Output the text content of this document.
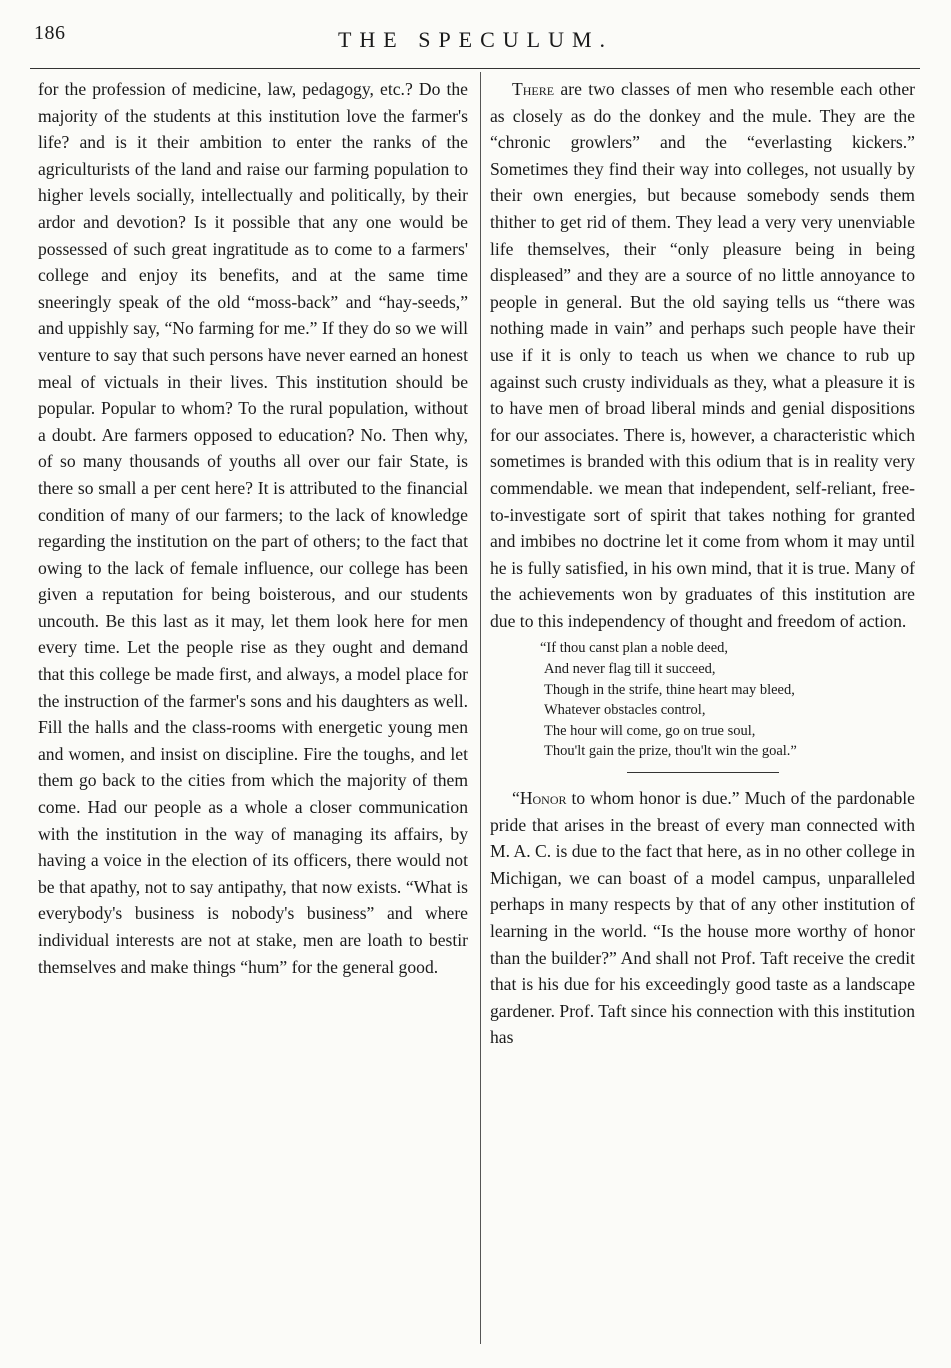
186	THE SPECULUM.

for the profession of medicine, law, pedagogy, etc.? Do the majority of the students at this institution love the farmer's life? and is it their ambition to enter the ranks of the agriculturists of the land and raise our farming population to higher levels socially, intellectually and politically, by their ardor and devotion? Is it possible that any one would be possessed of such great ingratitude as to come to a farmers' college and enjoy its benefits, and at the same time sneeringly speak of the old “moss-back” and “hay-seeds,” and uppishly say, “No farming for me.” If they do so we will venture to say that such persons have never earned an honest meal of victuals in their lives. This institution should be popular. Popular to whom? To the rural population, without a doubt. Are farmers opposed to education? No. Then why, of so many thousands of youths all over our fair State, is there so small a per cent here? It is attributed to the financial condition of many of our farmers; to the lack of knowledge regarding the institution on the part of others; to the fact that owing to the lack of female influence, our college has been given a reputation for being boisterous, and our students uncouth. Be this last as it may, let them look here for men every time. Let the people rise as they ought and demand that this college be made first, and always, a model place for the instruction of the farmer's sons and his daughters as well. Fill the halls and the class-rooms with energetic young men and women, and insist on discipline. Fire the toughs, and let them go back to the cities from which the majority of them come. Had our people as a whole a closer communication with the institution in the way of managing its affairs, by having a voice in the election of its officers, there would not be that apathy, not to say antipathy, that now exists. “What is everybody's business is nobody's business” and where individual interests are not at stake, men are loath to bestir themselves and make things “hum” for the general good.

There are two classes of men who resemble each other as closely as do the donkey and the mule. They are the “chronic growlers” and the “everlasting kickers.” Sometimes they find their way into colleges, not usually by their own energies, but because somebody sends them thither to get rid of them. They lead a very very unenviable life themselves, their “only pleasure being in being displeased” and they are a source of no little annoyance to people in general. But the old saying tells us “there was nothing made in vain” and perhaps such people have their use if it is only to teach us when we chance to rub up against such crusty individuals as they, what a pleasure it is to have men of broad liberal minds and genial dispositions for our associates. There is, however, a characteristic which sometimes is branded with this odium that is in reality very commendable. we mean that independent, self-reliant, free-to-investigate sort of spirit that takes nothing for granted and imbibes no doctrine let it come from whom it may until he is fully satisfied, in his own mind, that it is true. Many of the achievements won by graduates of this institution are due to this independency of thought and freedom of action.

“If thou canst plan a noble deed,
And never flag till it succeed,
Though in the strife, thine heart may bleed,
Whatever obstacles control,
The hour will come, go on true soul,
Thou'lt gain the prize, thou'lt win the goal.”

“Honor to whom honor is due.” Much of the pardonable pride that arises in the breast of every man connected with M. A. C. is due to the fact that here, as in no other college in Michigan, we can boast of a model campus, unparalleled perhaps in many respects by that of any other institution of learning in the world. “Is the house more worthy of honor than the builder?” And shall not Prof. Taft receive the credit that is his due for his exceedingly good taste as a landscape gardener. Prof. Taft since his connection with this institution has
